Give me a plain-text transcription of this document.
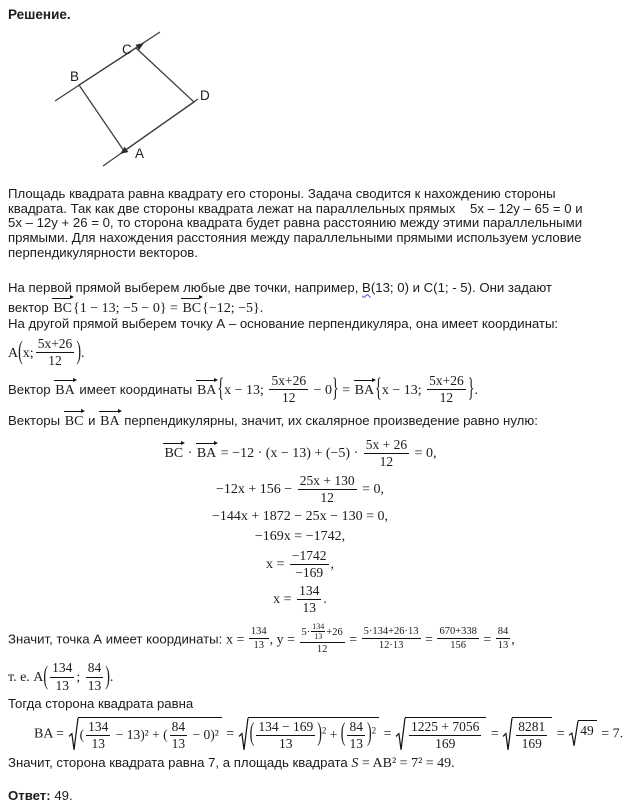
Решение.
B
C
D
A
Площадь квадрата равна квадрату его стороны. Задача сводится к нахождению стороны
квадрата. Так как две стороны квадрата лежат на параллельных прямых    5x – 12y – 65 = 0 и
5x – 12y + 26 = 0, то сторона квадрата будет равна расстоянию между этими параллельными
прямыми. Для нахождения расстояния между параллельными прямыми используем условие
перпендикулярности векторов.
На первой прямой выберем любые две точки, например, В(13; 0) и С(1; - 5). Они задают
вектор BC{1 − 13; −5 − 0} = BC{−12; −5}.
На другой прямой выберем точку А – основание перпендикуляра, она имеет координаты:
A(x; $\frac{5x+26}{12}$ ).
Вектор BA имеет координаты BA{x − 13; $\frac{5x+26}{12} - 0\} = BA\{x - 13$; $\frac{5x+26}{12}$ }.
Векторы BC и BA перпендикулярны, значит, их скалярное произведение равно нулю:
BC · BA = $-12 \cdot (x - 13) + (-5) \cdot \frac{5x + 26}{12} = 0$,
$-12x + 156 - \frac{25x + 130}{12} = 0$,
−144x + 1872 − 25x − 130 = 0,
−169x = −1742,
$x = \frac{-1742}{-169}$ ,
$x = \frac{134}{13}$ .
Значит, точка А имеет координаты: $x = \frac{134}{13}$ , $y = \frac{5\cdot \frac{134}{13} +26}{12} = \frac{5\cdot 134+26\cdot 13}{12\cdot 13} = \frac{670+338}{156} = \frac{84}{13}$ ,
т. е. $A( \frac{134}{13}$ ; $\frac{84}{13}$ ).
Тогда сторона квадрата равна
BA = ( $\frac{134}{13} - 13)^2$ + ( $\frac{84}{13} - 0)^2$ = ( $\frac{134 - 169}{13} )^2$ + ( $\frac{84}{13} )^2 = \frac{1225 + 7056}{169} = \frac{8281}{169} = 49 = 7$.
Значит, сторона квадрата равна 7, а площадь квадрата S = AB² = 7² = 49.
Ответ: 49.
